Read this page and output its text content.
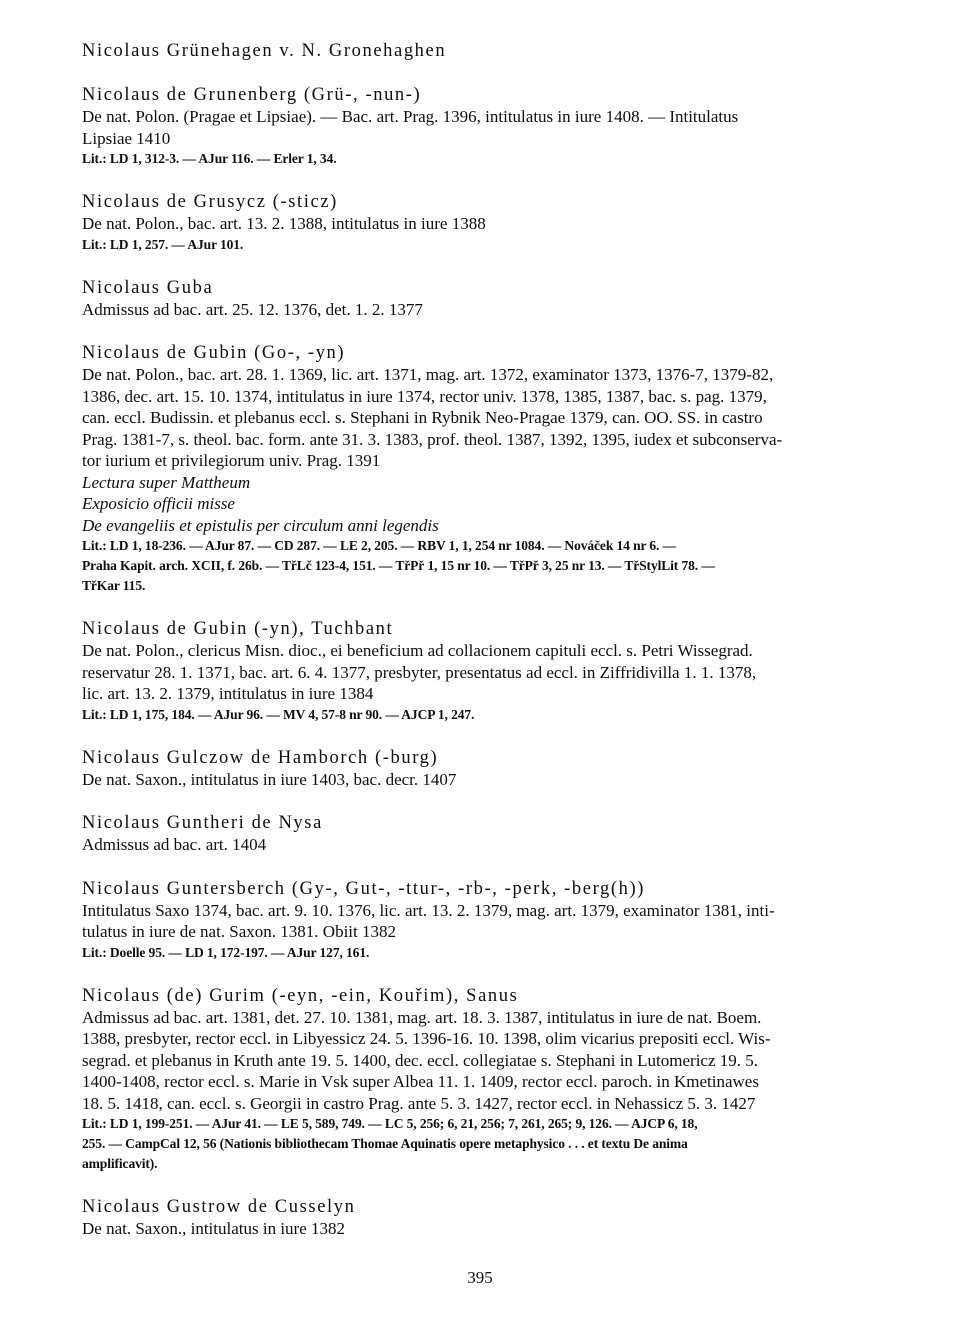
Nicolaus Grünehagen v. N. Gronehaghen

Nicolaus de Grunenberg (Grü-, -nun-)

De nat. Polon. (Pragae et Lipsiae). — Bac. art. Prag. 1396, intitulatus in iure 1408. — Intitulatus

Lipsiae 1410

Lit.: LD 1, 312-3. — AJur 116. — Erler 1, 34.

Nicolaus de Grusycz (-sticz)

De nat. Polon., bac. art. 13. 2. 1388, intitulatus in iure 1388

Lit.: LD 1, 257. — AJur 101.

Nicolaus Guba

Admissus ad bac. art. 25. 12. 1376, det. 1. 2. 1377

Nicolaus de Gubin (Go-, -yn)

De nat. Polon., bac. art. 28. 1. 1369, lic. art. 1371, mag. art. 1372, examinator 1373, 1376-7, 1379-82,

1386, dec. art. 15. 10. 1374, intitulatus in iure 1374, rector univ. 1378, 1385, 1387, bac. s. pag. 1379,

can. eccl. Budissin. et plebanus eccl. s. Stephani in Rybnik Neo-Pragae 1379, can. OO. SS. in castro

Prag. 1381-7, s. theol. bac. form. ante 31. 3. 1383, prof. theol. 1387, 1392, 1395, iudex et subconserva-

tor iurium et privilegiorum univ. Prag. 1391

Lectura super Mattheum

Exposicio officii misse

De evangeliis et epistulis per circulum anni legendis

Lit.: LD 1, 18-236. — AJur 87. — CD 287. — LE 2, 205. — RBV 1, 1, 254 nr 1084. — Nováček 14 nr 6. —

Praha Kapit. arch. XCII, f. 26b. — TřLč 123-4, 151. — TřPř 1, 15 nr 10. — TřPř 3, 25 nr 13. — TřStylLit 78. —

TřKar 115.

Nicolaus de Gubin (-yn), Tuchbant

De nat. Polon., clericus Misn. dioc., ei beneficium ad collacionem capituli eccl. s. Petri Wissegrad.

reservatur 28. 1. 1371, bac. art. 6. 4. 1377, presbyter, presentatus ad eccl. in Ziffridivilla 1. 1. 1378,

lic. art. 13. 2. 1379, intitulatus in iure 1384

Lit.: LD 1, 175, 184. — AJur 96. — MV 4, 57-8 nr 90. — AJCP 1, 247.

Nicolaus Gulczow de Hamborch (-burg)

De nat. Saxon., intitulatus in iure 1403, bac. decr. 1407

Nicolaus Guntheri de Nysa

Admissus ad bac. art. 1404

Nicolaus Guntersberch (Gy-, Gut-, -ttur-, -rb-, -perk, -berg(h))

Intitulatus Saxo 1374, bac. art. 9. 10. 1376, lic. art. 13. 2. 1379, mag. art. 1379, examinator 1381, inti-

tulatus in iure de nat. Saxon. 1381. Obiit 1382

Lit.: Doelle 95. — LD 1, 172-197. — AJur 127, 161.

Nicolaus (de) Gurim (-eyn, -ein, Kouřim), Sanus

Admissus ad bac. art. 1381, det. 27. 10. 1381, mag. art. 18. 3. 1387, intitulatus in iure de nat. Boem.

1388, presbyter, rector eccl. in Libyessicz 24. 5. 1396-16. 10. 1398, olim vicarius prepositi eccl. Wis-

segrad. et plebanus in Kruth ante 19. 5. 1400, dec. eccl. collegiatae s. Stephani in Lutomericz 19. 5.

1400-1408, rector eccl. s. Marie in Vsk super Albea 11. 1. 1409, rector eccl. paroch. in Kmetinawes

18. 5. 1418, can. eccl. s. Georgii in castro Prag. ante 5. 3. 1427, rector eccl. in Nehassicz 5. 3. 1427

Lit.: LD 1, 199-251. — AJur 41. — LE 5, 589, 749. — LC 5, 256; 6, 21, 256; 7, 261, 265; 9, 126. — AJCP 6, 18,

255. — CampCal 12, 56 (Nationis bibliothecam Thomae Aquinatis opere metaphysico . . . et textu De anima

amplificavit).

Nicolaus Gustrow de Cusselyn

De nat. Saxon., intitulatus in iure 1382

395
